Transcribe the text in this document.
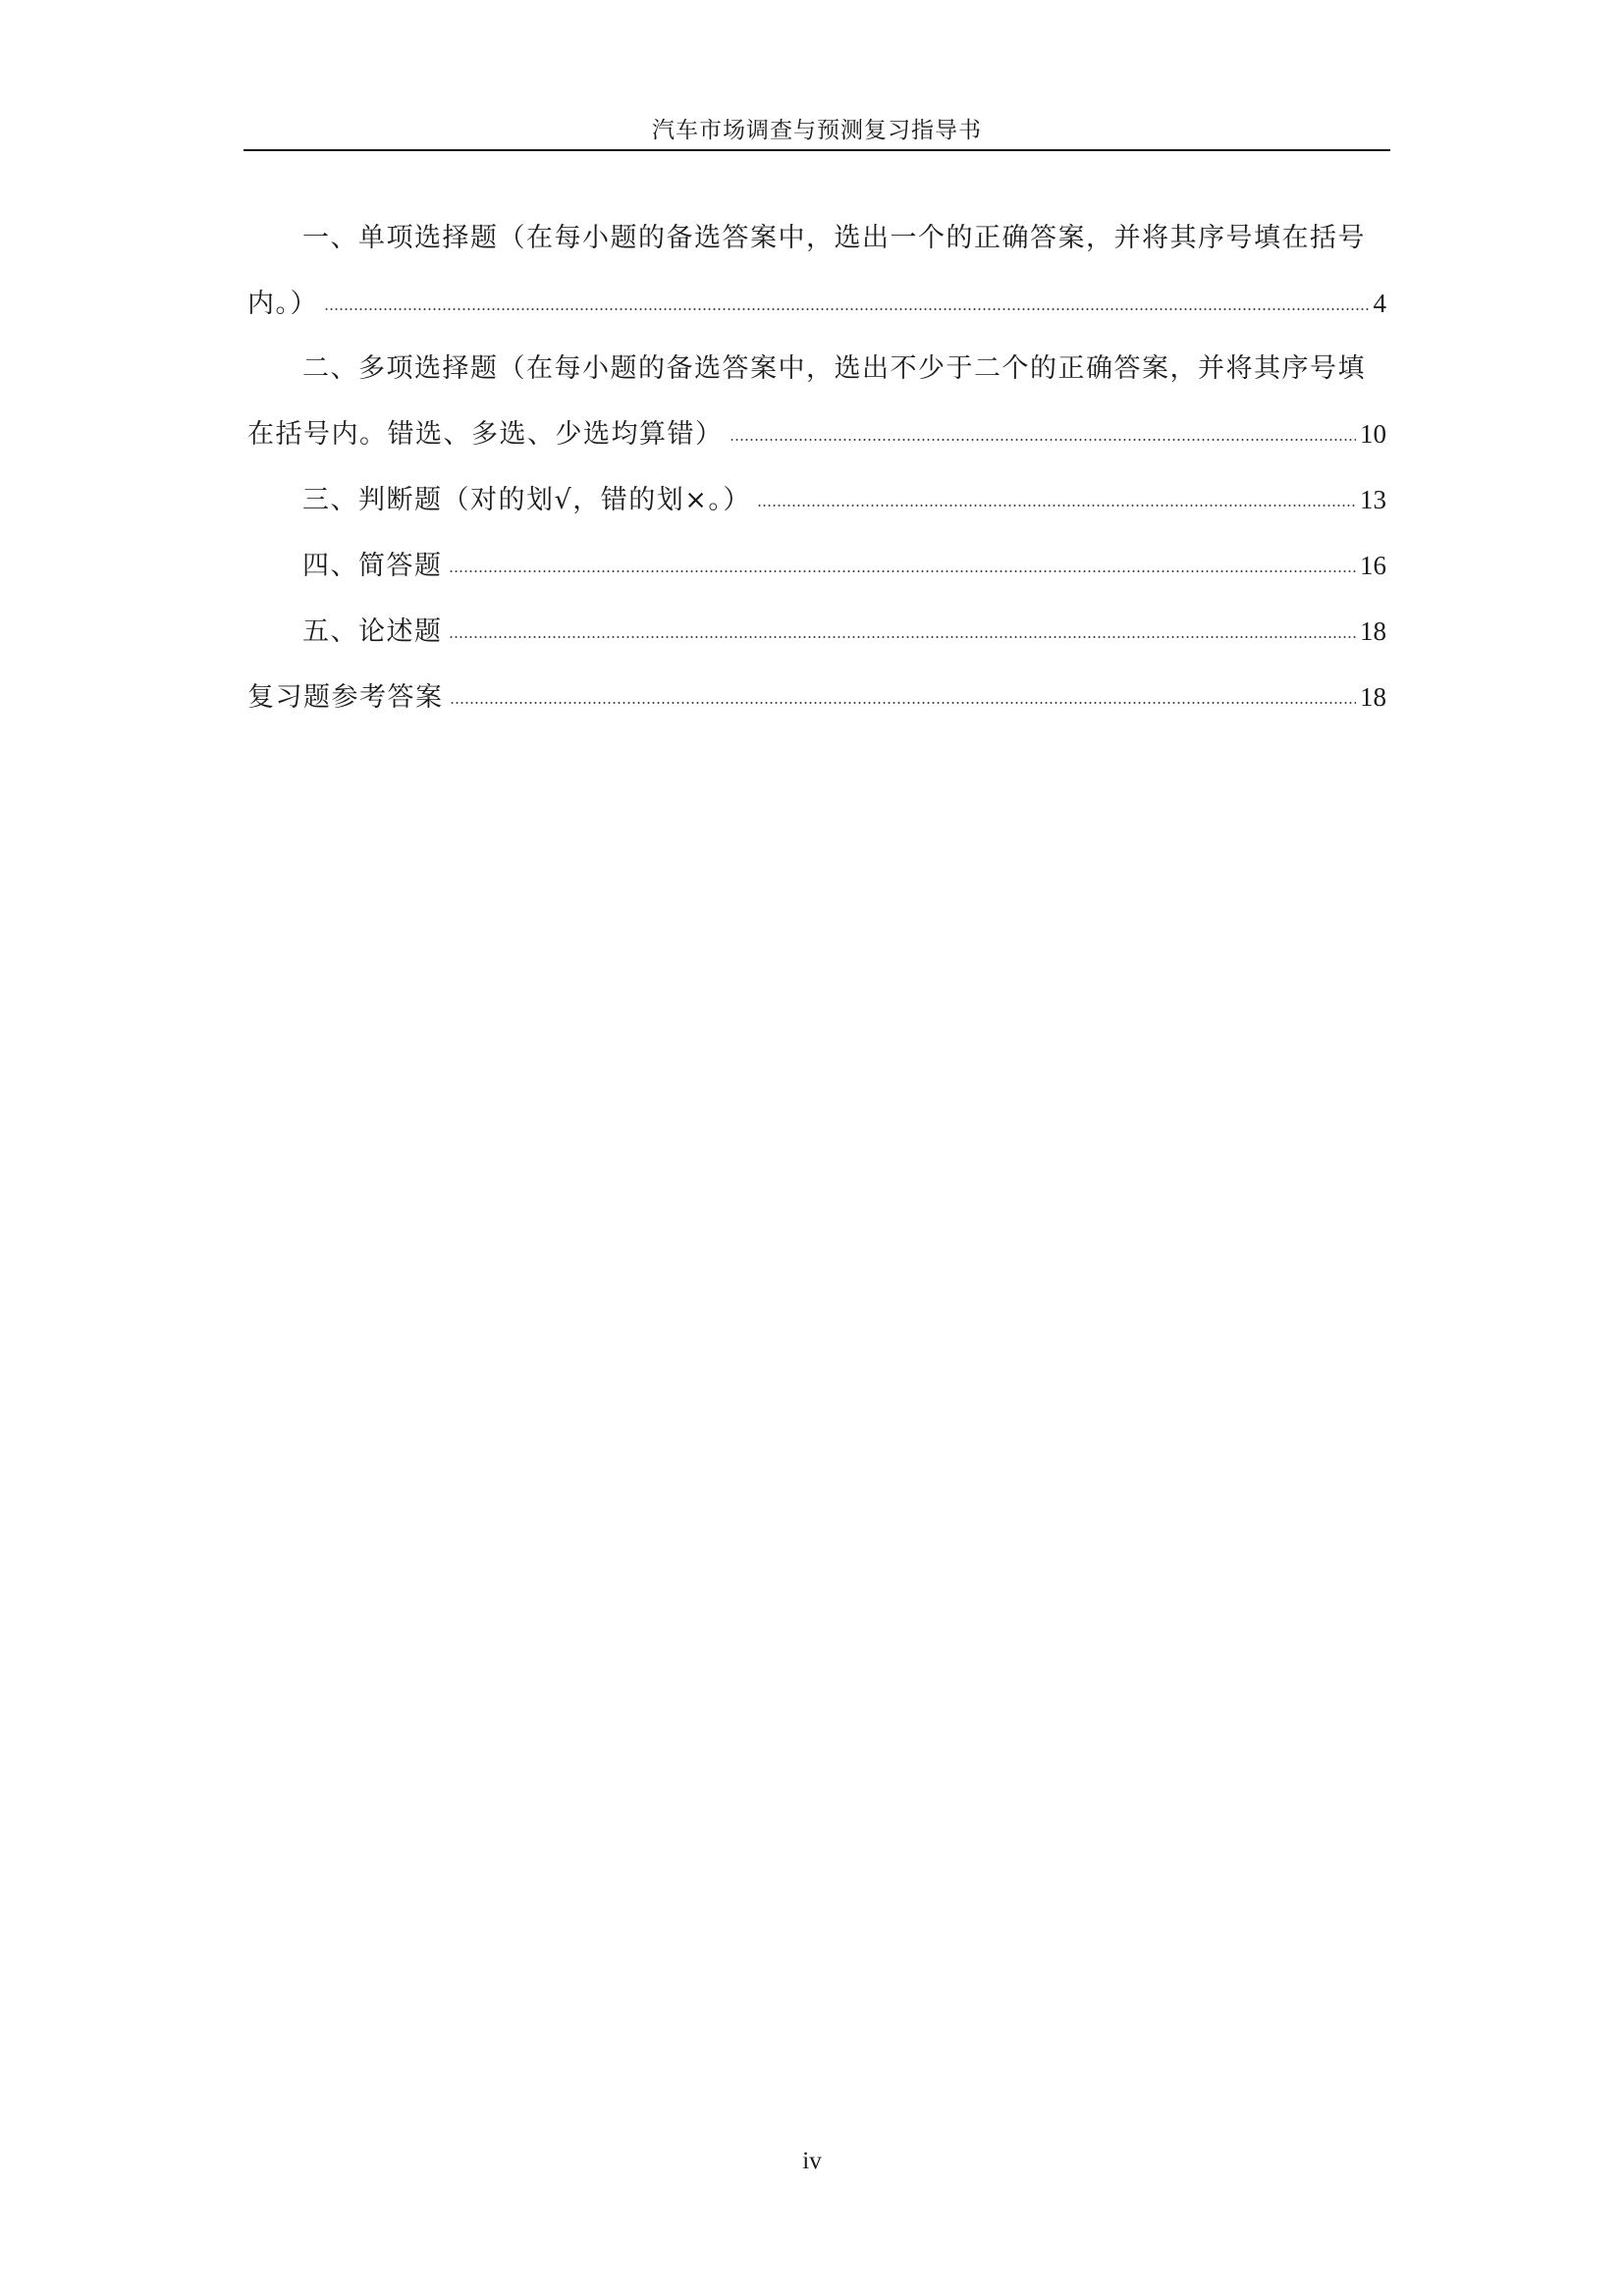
汽车市场调查与预测复习指导书
一、单项选择题（在每小题的备选答案中，选出一个的正确答案，并将其序号填在括号
内。）	4
二、多项选择题（在每小题的备选答案中，选出不少于二个的正确答案，并将其序号填
在括号内。错选、多选、少选均算错）	10
三、判断题（对的划√，错的划×。）	13
四、简答题	16
五、论述题	18
复习题参考答案	18
iv
